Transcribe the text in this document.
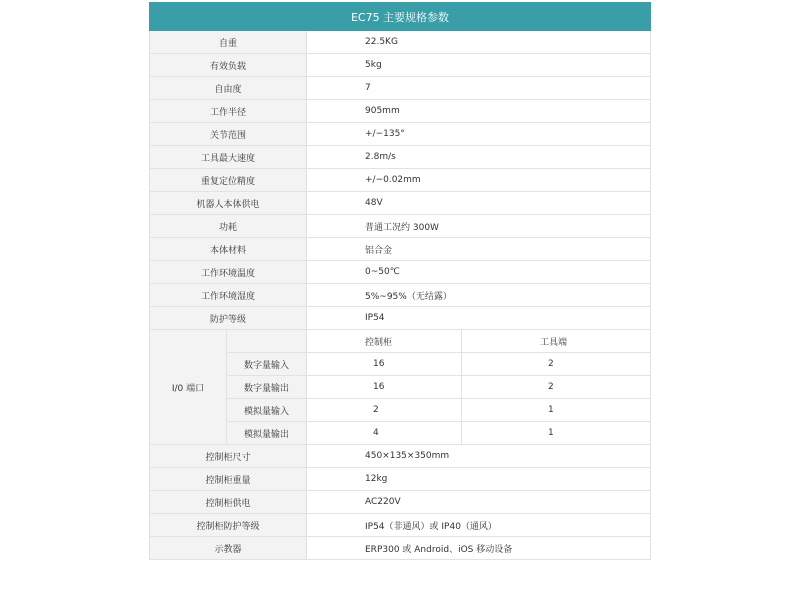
EC75 主要规格参数			
自重		22.5KG	
有效负载		5kg	
自由度		7	
工作半径		905mm	
关节范围		+/−135°	
工具最大速度		2.8m/s	
重复定位精度		+/−0.02mm	
机器人本体供电		48V	
功耗		普通工况约 300W	
本体材料		铝合金	
工作环境温度		0~50℃	
工作环境湿度		5%~95%（无结露）	
防护等级		IP54	
I/0 端口		控制柜	工具端
	数字量输入	16	2
	数字量输出	16	2
	模拟量输入	2	1
	模拟量输出	4	1
控制柜尺寸		450×135×350mm	
控制柜重量		12kg	
控制柜供电		AC220V	
控制柜防护等级		IP54（非通风）或 IP40（通风）	
示教器		ERP300 或 Android、iOS 移动设备	
